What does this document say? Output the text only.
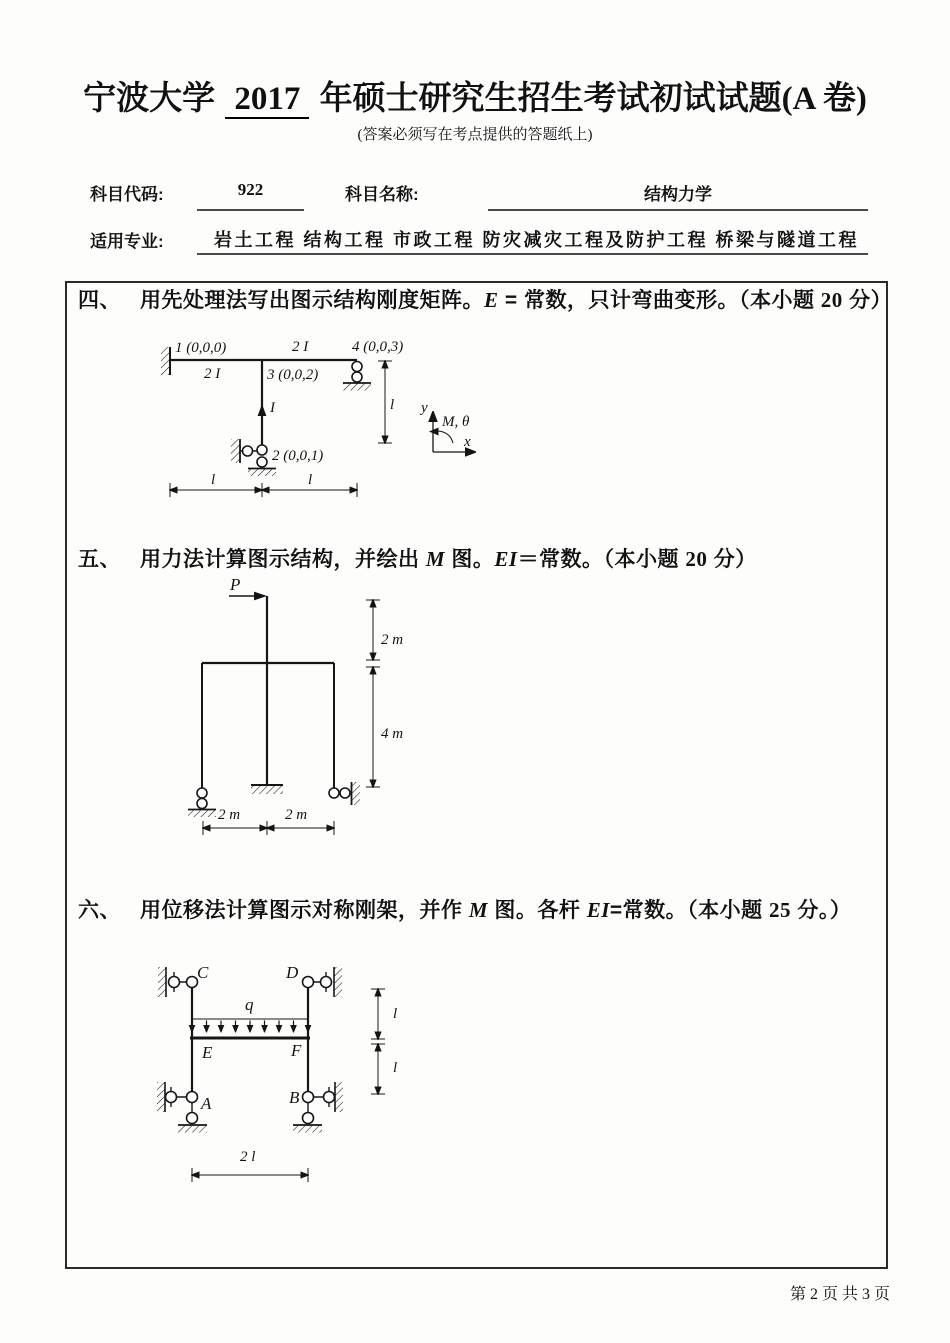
宁波大学 2017 年硕士研究生招生考试初试试题(A 卷)
(答案必须写在考点提供的答题纸上)
科目代码:	922	科目名称:	结构力学
适用专业:	岩土工程 结构工程 市政工程 防灾减灾工程及防护工程 桥梁与隧道工程
四、 用先处理法写出图示结构刚度矩阵。E = 常数，只计弯曲变形。（本小题 20 分）
1 (0,0,0)
2 I
2 I
3 (0,0,2)
4 (0,0,3)
I
2 (0,0,1)
l	l
l y
x
M, θ
五、 用力法计算图示结构，并绘出 M 图。EI＝常数。（本小题 20 分）
P
2 m
4 m
2 m	2 m
六、 用位移法计算图示对称刚架，并作 M 图。各杆 EI=常数。（本小题 25 分。）
C	D
q
E	F
A	B
l
l
2 l
第 2 页 共 3 页
